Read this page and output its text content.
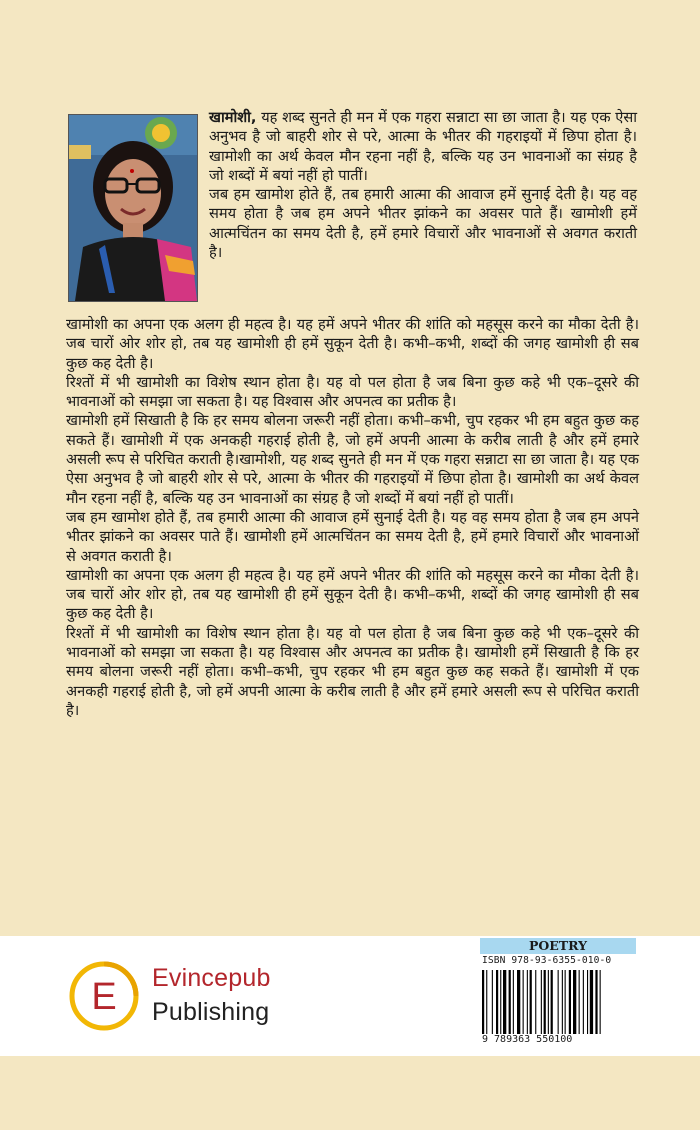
खामोशी, यह शब्द सुनते ही मन में एक गहरा सन्नाटा सा छा जाता है। यह एक ऐसा अनुभव है जो बाहरी शोर से परे, आत्मा के भीतर की गहराइयों में छिपा होता है। खामोशी का अर्थ केवल मौन रहना नहीं है, बल्कि यह उन भावनाओं का संग्रह है जो शब्दों में बयां नहीं हो पातीं।

जब हम खामोश होते हैं, तब हमारी आत्मा की आवाज हमें सुनाई देती है। यह वह समय होता है जब हम अपने भीतर झांकने का अवसर पाते हैं। खामोशी हमें आत्मचिंतन का समय देती है, हमें हमारे विचारों और भावनाओं से अवगत कराती है।

खामोशी का अपना एक अलग ही महत्व है। यह हमें अपने भीतर की शांति को महसूस करने का मौका देती है। जब चारों ओर शोर हो, तब यह खामोशी ही हमें सुकून देती है। कभी–कभी, शब्दों की जगह खामोशी ही सब कुछ कह देती है।

रिश्तों में भी खामोशी का विशेष स्थान होता है। यह वो पल होता है जब बिना कुछ कहे भी एक–दूसरे की भावनाओं को समझा जा सकता है। यह विश्वास और अपनत्व का प्रतीक है।

खामोशी हमें सिखाती है कि हर समय बोलना जरूरी नहीं होता। कभी–कभी, चुप रहकर भी हम बहुत कुछ कह सकते हैं। खामोशी में एक अनकही गहराई होती है, जो हमें अपनी आत्मा के करीब लाती है और हमें हमारे असली रूप से परिचित कराती है।खामोशी, यह शब्द सुनते ही मन में एक गहरा सन्नाटा सा छा जाता है। यह एक ऐसा अनुभव है जो बाहरी शोर से परे, आत्मा के भीतर की गहराइयों में छिपा होता है। खामोशी का अर्थ केवल मौन रहना नहीं है, बल्कि यह उन भावनाओं का संग्रह है जो शब्दों में बयां नहीं हो पातीं।

जब हम खामोश होते हैं, तब हमारी आत्मा की आवाज हमें सुनाई देती है। यह वह समय होता है जब हम अपने भीतर झांकने का अवसर पाते हैं। खामोशी हमें आत्मचिंतन का समय देती है, हमें हमारे विचारों और भावनाओं से अवगत कराती है।

खामोशी का अपना एक अलग ही महत्व है। यह हमें अपने भीतर की शांति को महसूस करने का मौका देती है। जब चारों ओर शोर हो, तब यह खामोशी ही हमें सुकून देती है। कभी–कभी, शब्दों की जगह खामोशी ही सब कुछ कह देती है।

रिश्तों में भी खामोशी का विशेष स्थान होता है। यह वो पल होता है जब बिना कुछ कहे भी एक–दूसरे की भावनाओं को समझा जा सकता है। यह विश्वास और अपनत्व का प्रतीक है। खामोशी हमें सिखाती है कि हर समय बोलना जरूरी नहीं होता। कभी–कभी, चुप रहकर भी हम बहुत कुछ कह सकते हैं। खामोशी में एक अनकही गहराई होती है, जो हमें अपनी आत्मा के करीब लाती है और हमें हमारे असली रूप से परिचित कराती है।

E Evincepub
Publishing
POETRY
ISBN 978-93-6355-010-0
9 789363 550100
